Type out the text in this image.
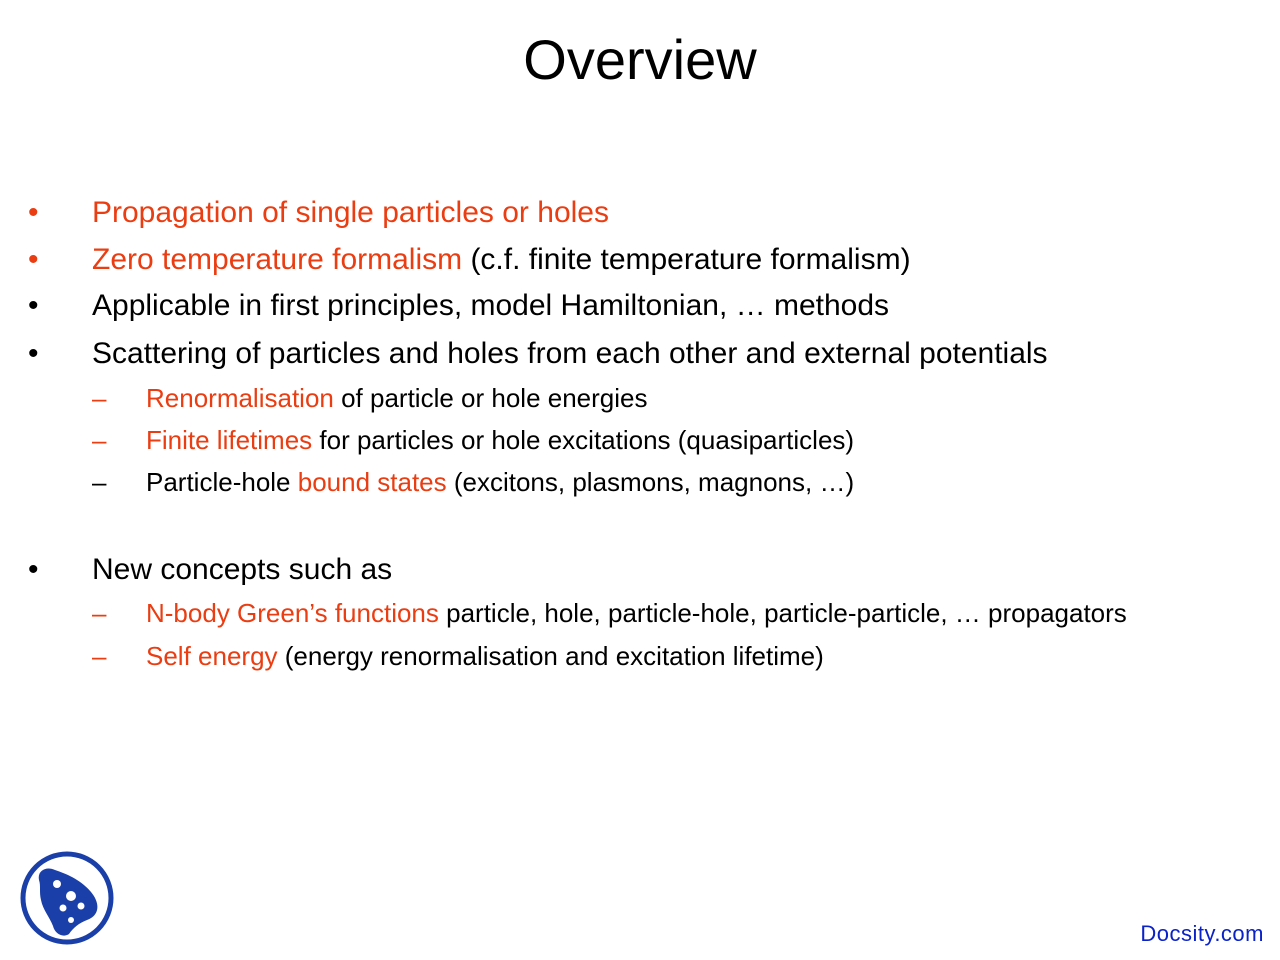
Overview
• Propagation of single particles or holes
• Zero temperature formalism (c.f. finite temperature formalism)
• Applicable in first principles, model Hamiltonian, … methods
• Scattering of particles and holes from each other and external potentials
– Renormalisation of particle or hole energies
– Finite lifetimes for particles or hole excitations (quasiparticles)
– Particle-hole bound states (excitons, plasmons, magnons, …)
• New concepts such as
– N-body Green’s functions particle, hole, particle-hole, particle-particle, … propagators
– Self energy (energy renormalisation and excitation lifetime)
Docsity.com
